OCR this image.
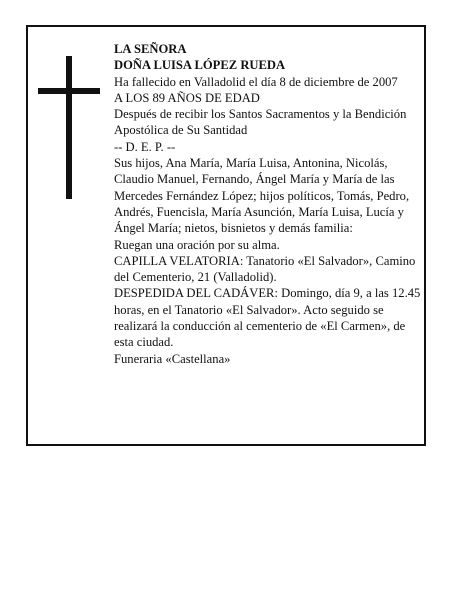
LA SEÑORA

DOÑA LUISA LÓPEZ RUEDA

Ha fallecido en Valladolid el día 8 de diciembre de 2007

A LOS 89 AÑOS DE EDAD

Después de recibir los Santos Sacramentos y la Bendición Apostólica de Su Santidad

-- D. E. P. --

Sus hijos, Ana María, María Luisa, Antonina, Nicolás, Claudio Manuel, Fernando, Ángel María y María de las Mercedes Fernández López; hijos políticos, Tomás, Pedro, Andrés, Fuencisla, María Asunción, María Luisa, Lucía y Ángel María; nietos, bisnietos y demás familia:

Ruegan una oración por su alma.

CAPILLA VELATORIA: Tanatorio «El Salvador», Camino del Cementerio, 21 (Valladolid).

DESPEDIDA DEL CADÁVER: Domingo, día 9, a las 12.45 horas, en el Tanatorio «El Salvador». Acto seguido se realizará la conducción al cementerio de «El Carmen», de esta ciudad.

Funeraria «Castellana»
